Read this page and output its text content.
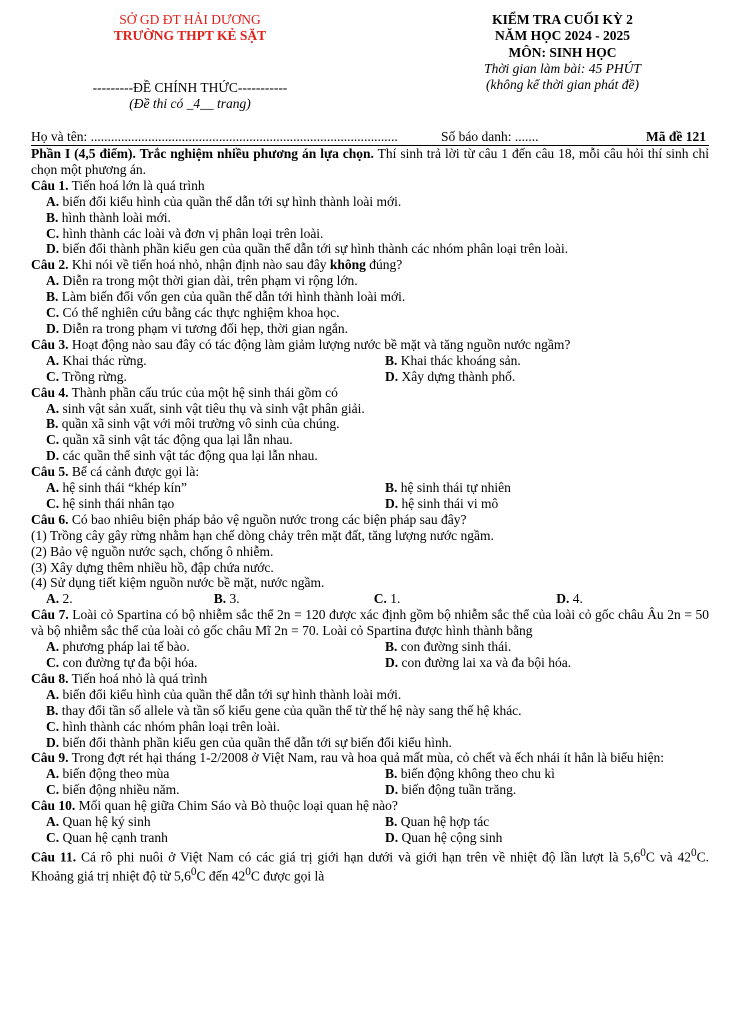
SỞ GD ĐT HẢI DƯƠNG
TRƯỜNG THPT KẺ SẶT
---------ĐỀ CHÍNH THỨC-----------
(Đề thi có _4__ trang)
KIỂM TRA CUỐI KỲ 2
NĂM HỌC 2024 - 2025
MÔN: SINH HỌC
Thời gian làm bài: 45 PHÚT
(không kể thời gian phát đề)
Họ và tên: ...........................................................................................	Số báo danh: .......	Mã đề 121

Phần I (4,5 điểm). Trắc nghiệm nhiều phương án lựa chọn. Thí sinh trả lời từ câu 1 đến câu 18, mỗi câu hỏi thí sinh chỉ chọn một phương án.

Câu 1. Tiến hoá lớn là quá trình

A. biến đổi kiểu hình của quần thể dẫn tới sự hình thành loài mới.

B. hình thành loài mới.

C. hình thành các loài và đơn vị phân loại trên loài.

D. biến đổi thành phần kiểu gen của quần thể dẫn tới sự hình thành các nhóm phân loại trên loài.

Câu 2. Khi nói về tiến hoá nhỏ, nhận định nào sau đây không đúng?

A. Diễn ra trong một thời gian dài, trên phạm vi rộng lớn.

B. Làm biến đổi vốn gen của quần thể dẫn tới hình thành loài mới.

C. Có thể nghiên cứu bằng các thực nghiệm khoa học.

D. Diễn ra trong phạm vi tương đối hẹp, thời gian ngắn.

Câu 3. Hoạt động nào sau đây có tác động làm giảm lượng nước bề mặt và tăng nguồn nước ngầm?

A. Khai thác rừng.	B. Khai thác khoáng sản.

C. Trồng rừng.	D. Xây dựng thành phố.

Câu 4. Thành phần cấu trúc của một hệ sinh thái gồm có

A. sinh vật sản xuất, sinh vật tiêu thụ và sinh vật phân giải.

B. quần xã sinh vật với môi trường vô sinh của chúng.

C. quần xã sinh vật tác động qua lại lẫn nhau.

D. các quần thể sinh vật tác động qua lại lẫn nhau.

Câu 5. Bể cá cảnh được gọi là:

A. hệ sinh thái “khép kín”	B. hệ sinh thái tự nhiên

C. hệ sinh thái nhân tạo	D. hệ sinh thái vi mô

Câu 6. Có bao nhiêu biện pháp bảo vệ nguồn nước trong các biện pháp sau đây?

(1) Trồng cây gây rừng nhằm hạn chế dòng chảy trên mặt đất, tăng lượng nước ngầm.

(2) Bảo vệ nguồn nước sạch, chống ô nhiễm.

(3) Xây dựng thêm nhiều hồ, đập chứa nước.

(4) Sử dụng tiết kiệm nguồn nước bề mặt, nước ngầm.

A. 2.	B. 3.	C. 1.	D. 4.

Câu 7. Loài cỏ Spartina có bộ nhiễm sắc thể 2n = 120 được xác định gồm bộ nhiễm sắc thể của loài cỏ gốc châu Âu 2n = 50 và bộ nhiễm sắc thể của loài cỏ gốc châu Mĩ 2n = 70. Loài cỏ Spartina được hình thành bằng

A. phương pháp lai tế bào.	B. con đường sinh thái.

C. con đường tự đa bội hóa.	D. con đường lai xa và đa bội hóa.

Câu 8. Tiến hoá nhỏ là quá trình

A. biến đổi kiểu hình của quần thể dẫn tới sự hình thành loài mới.

B. thay đổi tần số allele và tần số kiểu gene của quần thể từ thế hệ này sang thế hệ khác.

C. hình thành các nhóm phân loại trên loài.

D. biến đổi thành phần kiểu gen của quần thể dẫn tới sự biến đổi kiểu hình.

Câu 9. Trong đợt rét hại tháng 1-2/2008 ở Việt Nam, rau và hoa quả mất mùa, cỏ chết và ếch nhái ít hẳn là biểu hiện:

A. biến động theo mùa	B. biến động không theo chu kì

C. biến động nhiều năm.	D. biến động tuần trăng.

Câu 10. Mối quan hệ giữa Chim Sáo và Bò thuộc loại quan hệ nào?

A. Quan hệ ký sinh	B. Quan hệ hợp tác

C. Quan hệ cạnh tranh	D. Quan hệ cộng sinh

Câu 11. Cá rô phi nuôi ở Việt Nam có các giá trị giới hạn dưới và giới hạn trên về nhiệt độ lần lượt là $5,6^0C$ và $42^0C$. Khoảng giá trị nhiệt độ từ $5,6^0C$ đến $42^0C$ được gọi là
